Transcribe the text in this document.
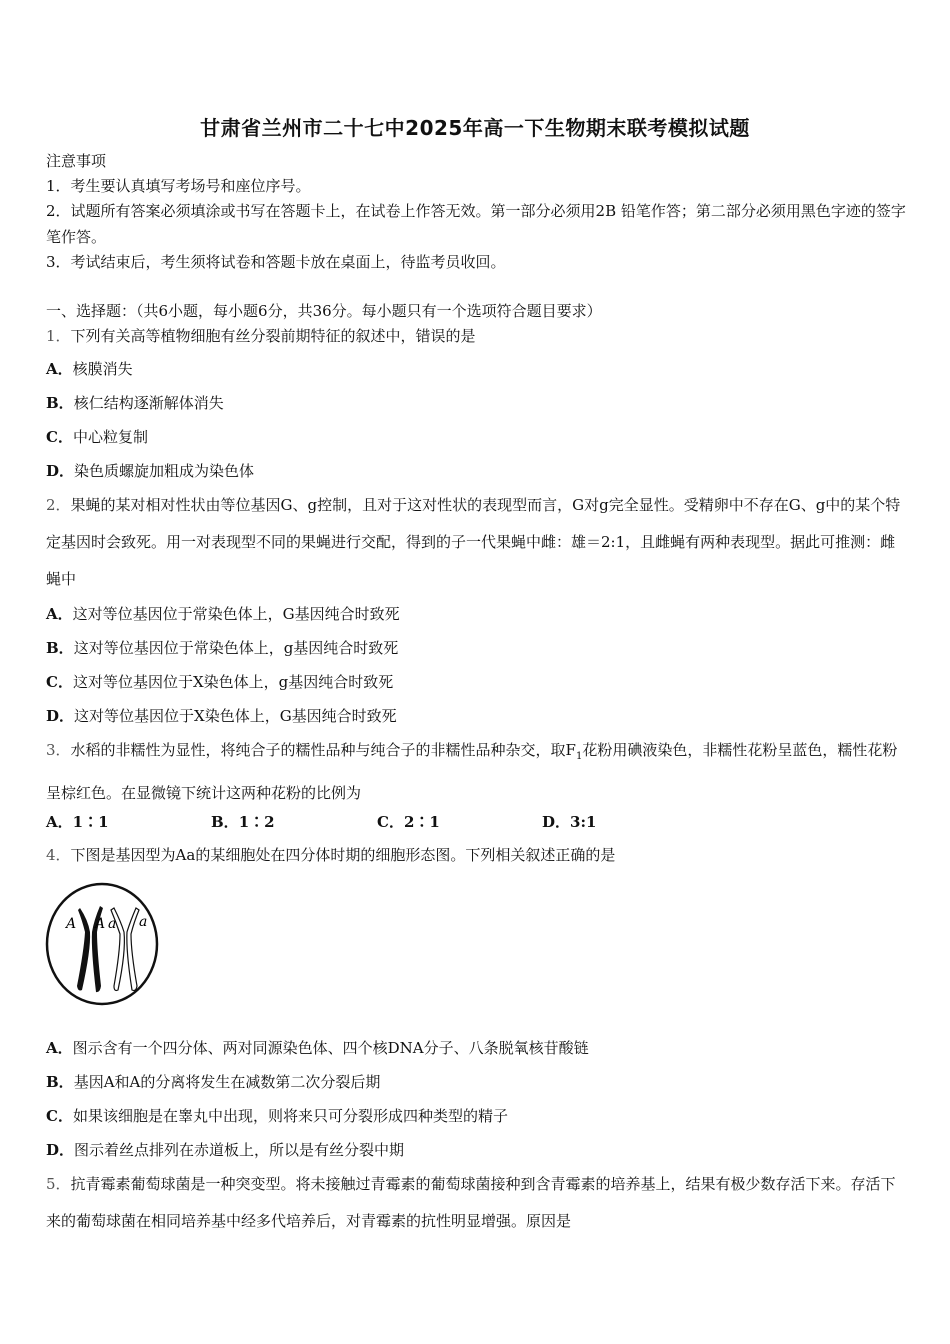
甘肃省兰州市二十七中2025年高一下生物期末联考模拟试题
注意事项
1．考生要认真填写考场号和座位序号。
2．试题所有答案必须填涂或书写在答题卡上，在试卷上作答无效。第一部分必须用2B 铅笔作答；第二部分必须用黑色字迹的签字笔作答。
3．考试结束后，考生须将试卷和答题卡放在桌面上，待监考员收回。
一、选择题：（共6小题，每小题6分，共36分。每小题只有一个选项符合题目要求）
1．下列有关高等植物细胞有丝分裂前期特征的叙述中，错误的是
A．核膜消失
B．核仁结构逐渐解体消失
C．中心粒复制
D．染色质螺旋加粗成为染色体
2．果蝇的某对相对性状由等位基因G、g控制，且对于这对性状的表现型而言，G对g完全显性。受精卵中不存在G、g中的某个特定基因时会致死。用一对表现型不同的果蝇进行交配，得到的子一代果蝇中雌：雄＝2:1，且雌蝇有两种表现型。据此可推测：雌蝇中
A．这对等位基因位于常染色体上，G基因纯合时致死
B．这对等位基因位于常染色体上，g基因纯合时致死
C．这对等位基因位于X染色体上，g基因纯合时致死
D．这对等位基因位于X染色体上，G基因纯合时致死
3．水稻的非糯性为显性，将纯合子的糯性品种与纯合子的非糯性品种杂交，取$F_1$花粉用碘液染色，非糯性花粉呈蓝色，糯性花粉呈棕红色。在显微镜下统计这两种花粉的比例为
A．1∶1	B．1∶2	C．2∶1	D．3:1
4．下图是基因型为Aa的某细胞处在四分体时期的细胞形态图。下列相关叙述正确的是
A A a a
A．图示含有一个四分体、两对同源染色体、四个核DNA分子、八条脱氧核苷酸链
B．基因A和A的分离将发生在减数第二次分裂后期
C．如果该细胞是在睾丸中出现，则将来只可分裂形成四种类型的精子
D．图示着丝点排列在赤道板上，所以是有丝分裂中期
5．抗青霉素葡萄球菌是一种突变型。将未接触过青霉素的葡萄球菌接种到含青霉素的培养基上，结果有极少数存活下来。存活下来的葡萄球菌在相同培养基中经多代培养后，对青霉素的抗性明显增强。原因是
